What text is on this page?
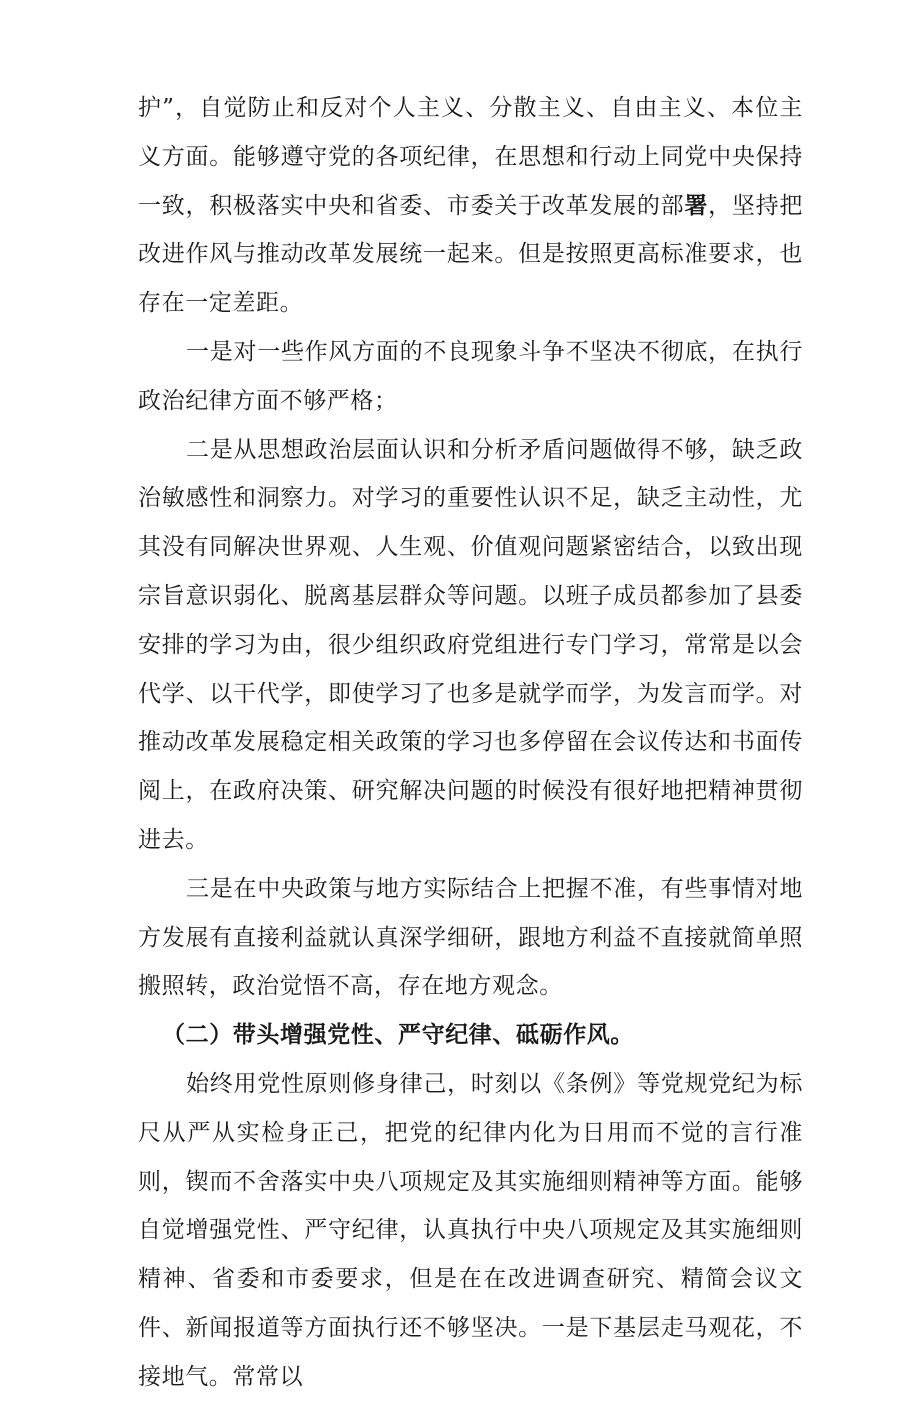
护”，自觉防止和反对个人主义、分散主义、自由主义、本位主义方面。能够遵守党的各项纪律，在思想和行动上同党中央保持一致，积极落实中央和省委、市委关于改革发展的部署，坚持把改进作风与推动改革发展统一起来。但是按照更高标准要求，也存在一定差距。

一是对一些作风方面的不良现象斗争不坚决不彻底，在执行政治纪律方面不够严格；

二是从思想政治层面认识和分析矛盾问题做得不够，缺乏政治敏感性和洞察力。对学习的重要性认识不足，缺乏主动性，尤其没有同解决世界观、人生观、价值观问题紧密结合，以致出现宗旨意识弱化、脱离基层群众等问题。以班子成员都参加了县委安排的学习为由，很少组织政府党组进行专门学习，常常是以会代学、以干代学，即使学习了也多是就学而学，为发言而学。对推动改革发展稳定相关政策的学习也多停留在会议传达和书面传阅上，在政府决策、研究解决问题的时候没有很好地把精神贯彻进去。

三是在中央政策与地方实际结合上把握不准，有些事情对地方发展有直接利益就认真深学细研，跟地方利益不直接就简单照搬照转，政治觉悟不高，存在地方观念。

（二）带头增强党性、严守纪律、砥砺作风。

始终用党性原则修身律己，时刻以《条例》等党规党纪为标尺从严从实检身正己，把党的纪律内化为日用而不觉的言行准则，锲而不舍落实中央八项规定及其实施细则精神等方面。能够自觉增强党性、严守纪律，认真执行中央八项规定及其实施细则精神、省委和市委要求，但是在在改进调查研究、精简会议文件、新闻报道等方面执行还不够坚决。一是下基层走马观花，不接地气。常常以
